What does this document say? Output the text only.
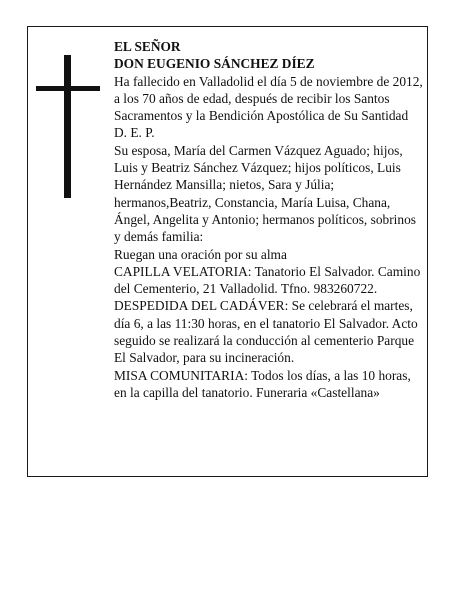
EL SEÑOR

DON EUGENIO SÁNCHEZ DÍEZ

Ha fallecido en Valladolid el día 5 de noviembre de 2012, a los 70 años de edad, después de recibir los Santos Sacramentos y la Bendición Apostólica de Su Santidad

D. E. P.

Su esposa, María del Carmen Vázquez Aguado; hijos, Luis y Beatriz Sánchez Vázquez; hijos políticos, Luis Hernández Mansilla; nietos, Sara y Júlia; hermanos,Beatriz, Constancia, María Luisa, Chana, Ángel, Angelita y Antonio; hermanos políticos, sobrinos y demás familia:

Ruegan una oración por su alma

CAPILLA VELATORIA: Tanatorio El Salvador. Camino del Cementerio, 21 Valladolid. Tfno. 983260722.

DESPEDIDA DEL CADÁVER: Se celebrará el martes, día 6, a las 11:30 horas, en el tanatorio El Salvador. Acto seguido se realizará la conducción al cementerio Parque El Salvador, para su incineración.

MISA COMUNITARIA: Todos los días, a las 10 horas, en la capilla del tanatorio. Funeraria «Castellana»
